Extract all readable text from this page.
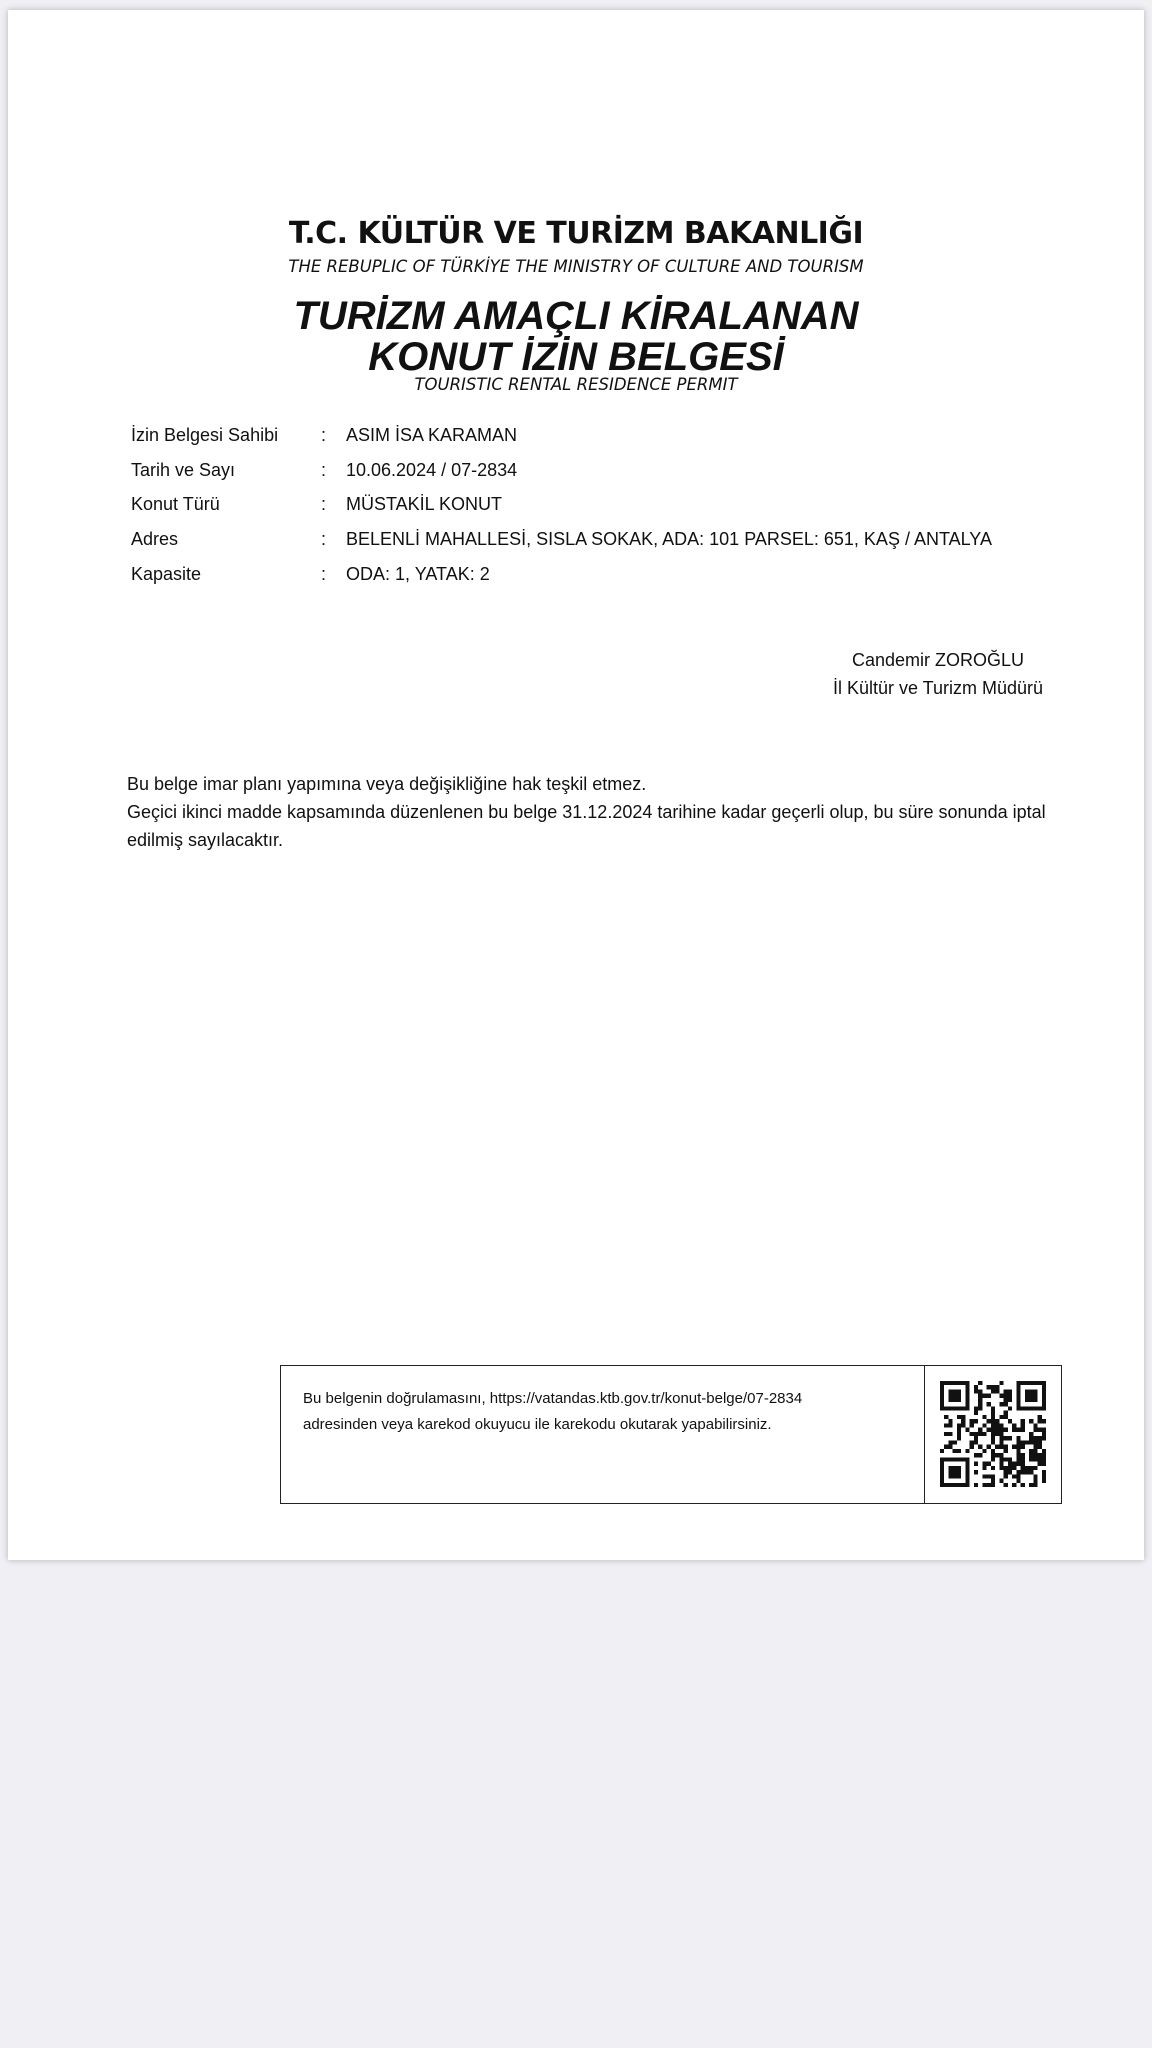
T.C. KÜLTÜR VE TURİZM BAKANLIĞI
THE REBUPLIC OF TÜRKİYE THE MINISTRY OF CULTURE AND TOURISM
TURİZM AMAÇLI KİRALANAN
KONUT İZİN BELGESİ
TOURISTIC RENTAL RESIDENCE PERMIT
İzin Belgesi Sahibi : ASIM İSA KARAMAN
Tarih ve Sayı	: 10.06.2024 / 07-2834
Konut Türü	: MÜSTAKİL KONUT
Adres	: BELENLİ MAHALLESİ, SISLA SOKAK, ADA: 101 PARSEL: 651, KAŞ / ANTALYA
Kapasite	: ODA: 1, YATAK: 2
Candemir ZOROĞLU
İl Kültür ve Turizm Müdürü

Bu belge imar planı yapımına veya değişikliğine hak teşkil etmez.

Geçici ikinci madde kapsamında düzenlenen bu belge 31.12.2024 tarihine kadar geçerli olup, bu süre sonunda iptal edilmiş sayılacaktır.

Bu belgenin doğrulamasını, https://vatandas.ktb.gov.tr/konut-belge/07-2834

adresinden veya karekod okuyucu ile karekodu okutarak yapabilirsiniz.
